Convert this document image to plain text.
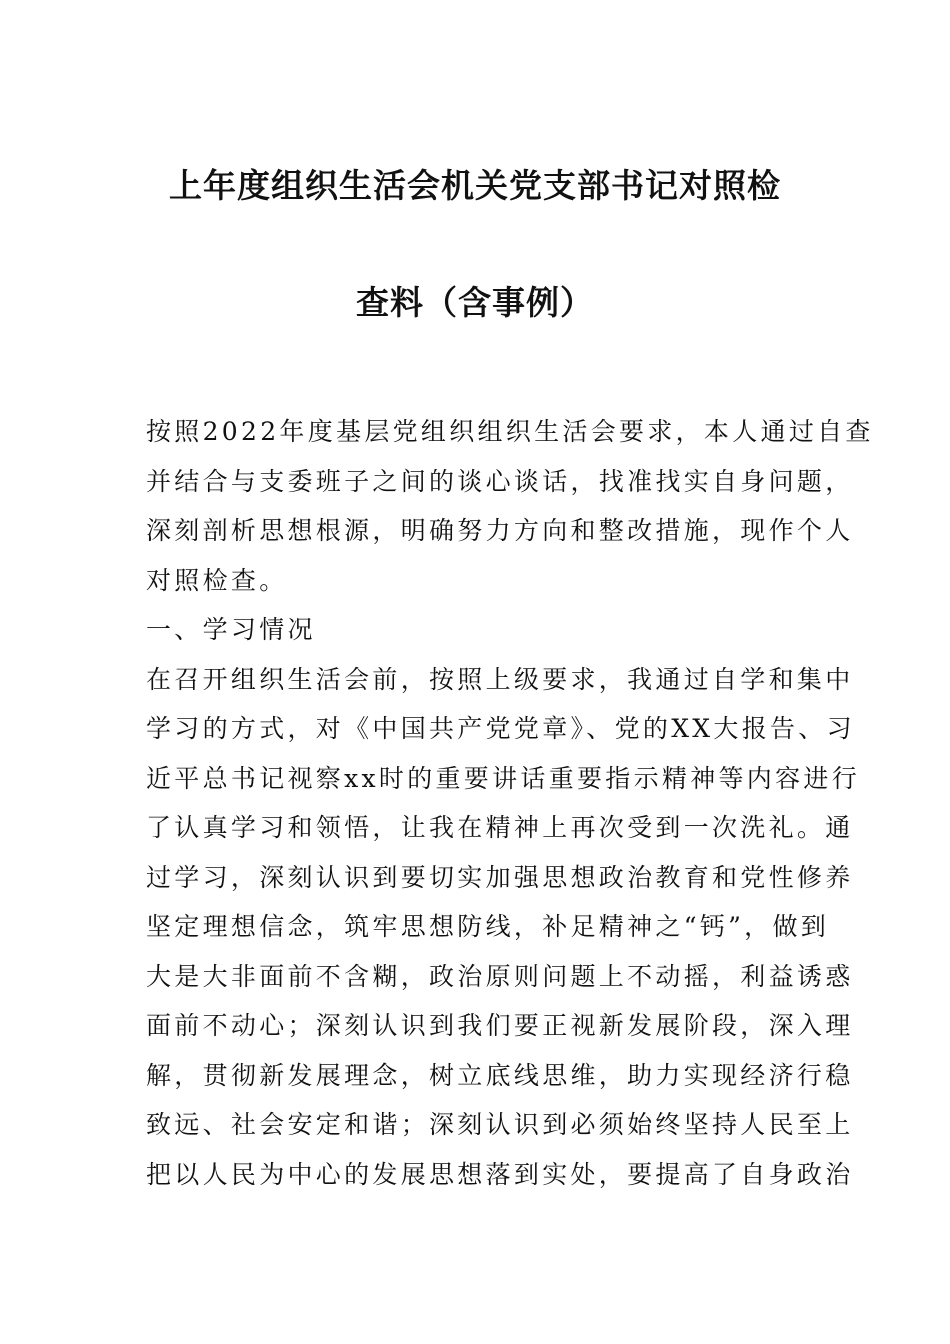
上年度组织生活会机关党支部书记对照检
查料（含事例）
按照2022年度基层党组织组织生活会要求，本人通过自查
并结合与支委班子之间的谈心谈话，找准找实自身问题，
深刻剖析思想根源，明确努力方向和整改措施，现作个人
对照检查。
一、学习情况
在召开组织生活会前，按照上级要求，我通过自学和集中
学习的方式，对《中国共产党党章》、党的XX大报告、习
近平总书记视察xx时的重要讲话重要指示精神等内容进行
了认真学习和领悟，让我在精神上再次受到一次洗礼。通
过学习，深刻认识到要切实加强思想政治教育和党性修养
坚定理想信念，筑牢思想防线，补足精神之“钙”，做到
大是大非面前不含糊，政治原则问题上不动摇，利益诱惑
面前不动心；深刻认识到我们要正视新发展阶段，深入理
解，贯彻新发展理念，树立底线思维，助力实现经济行稳
致远、社会安定和谐；深刻认识到必须始终坚持人民至上
把以人民为中心的发展思想落到实处，要提高了自身政治
